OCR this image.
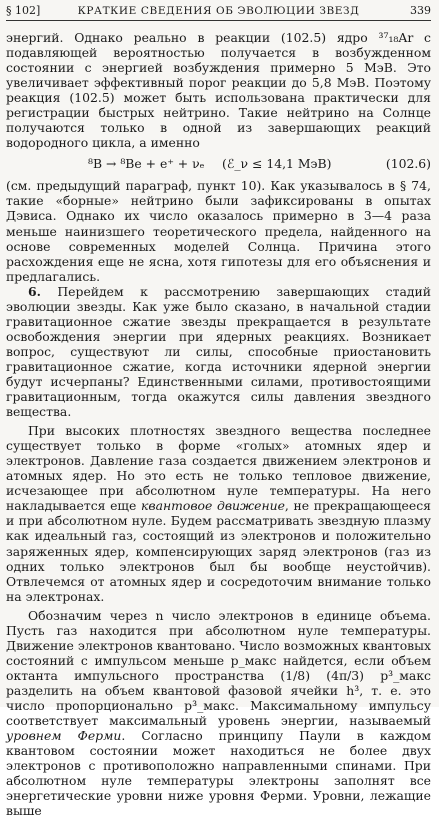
§ 102]	КРАТКИЕ СВЕДЕНИЯ ОБ ЭВОЛЮЦИИ ЗВЕЗД	339

энергий. Однако реально в реакции (102.5) ядро ³⁷₁₈Ar с подавляющей вероятностью получается в возбужденном состоянии с энергией возбуждения примерно 5 МэВ. Это увеличивает эффективный порог реакции до 5,8 МэВ. Поэтому реакция (102.5) может быть использована практически для регистрации быстрых нейтрино. Такие нейтрино на Солнце получаются только в одной из завершающих реакций водородного цикла, а именно

⁸B → ⁸Be + e⁺ + νₑ (ℰ_ν ≤ 14,1 МэВ)	(102.6)

(см. предыдущий параграф, пункт 10). Как указывалось в § 74, такие «борные» нейтрино были зафиксированы в опытах Дэвиса. Однако их число оказалось примерно в 3—4 раза меньше наинизшего теоретического предела, найденного на основе современных моделей Солнца. Причина этого расхождения еще не ясна, хотя гипотезы для его объяснения и предлагались.

6. Перейдем к рассмотрению завершающих стадий эволюции звезды. Как уже было сказано, в начальной стадии гравитационное сжатие звезды прекращается в результате освобождения энергии при ядерных реакциях. Возникает вопрос, существуют ли силы, способные приостановить гравитационное сжатие, когда источники ядерной энергии будут исчерпаны? Единственными силами, противостоящими гравитационным, тогда окажутся силы давления звездного вещества.

При высоких плотностях звездного вещества последнее существует только в форме «голых» атомных ядер и электронов. Давление газа создается движением электронов и атомных ядер. Но это есть не только тепловое движение, исчезающее при абсолютном нуле температуры. На него накладывается еще квантовое движение, не прекращающееся и при абсолютном нуле. Будем рассматривать звездную плазму как идеальный газ, состоящий из электронов и положительно заряженных ядер, компенсирующих заряд электронов (газ из одних только электронов был бы вообще неустойчив). Отвлечемся от атомных ядер и сосредоточим внимание только на электронах.

Обозначим через n число электронов в единице объема. Пусть газ находится при абсолютном нуле температуры. Движение электронов квантовано. Число возможных квантовых состояний с импульсом меньше p_макс найдется, если объем октанта импульсного пространства (1/8) (4π/3) p³_макс разделить на объем квантовой фазовой ячейки h³, т. е. это число пропорционально p³_макс. Максимальному импульсу соответствует максимальный уровень энергии, называемый уровнем Ферми. Согласно принципу Паули в каждом квантовом состоянии может находиться не более двух электронов с противоположно направленными спинами. При абсолютном нуле температуры электроны заполнят все энергетические уровни ниже уровня Ферми. Уровни, лежащие выше
